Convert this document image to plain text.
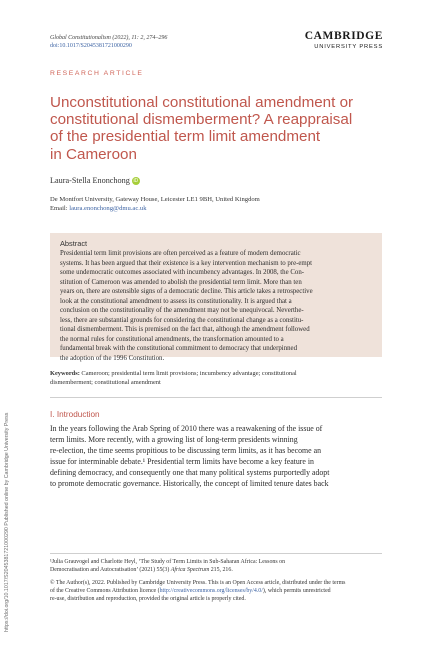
Global Constitutionalism (2022), 11: 2, 274–296
doi:10.1017/S2045381721000290
CAMBRIDGE
UNIVERSITY PRESS
RESEARCH ARTICLE
Unconstitutional constitutional amendment or
constitutional dismemberment? A reappraisal
of the presidential term limit amendment
in Cameroon
Laura-Stella Enonchong iD
De Montfort University, Gateway House, Leicester LE1 9BH, United Kingdom
Email: laura.enonchong@dmu.ac.uk
Abstract
Presidential term limit provisions are often perceived as a feature of modern democratic
systems. It has been argued that their existence is a key intervention mechanism to pre-empt
some undemocratic outcomes associated with incumbency advantages. In 2008, the Con-
stitution of Cameroon was amended to abolish the presidential term limit. More than ten
years on, there are ostensible signs of a democratic decline. This article takes a retrospective
look at the constitutional amendment to assess its constitutionality. It is argued that a
conclusion on the constitutionality of the amendment may not be unequivocal. Neverthe-
less, there are substantial grounds for considering the constitutional change as a constitu-
tional dismemberment. This is premised on the fact that, although the amendment followed
the normal rules for constitutional amendments, the transformation amounted to a
fundamental break with the constitutional commitment to democracy that underpinned
the adoption of the 1996 Constitution.
Keywords: Cameroon; presidential term limit provisions; incumbency advantage; constitutional
dismemberment; constitutional amendment
I. Introduction
In the years following the Arab Spring of 2010 there was a reawakening of the issue of
term limits. More recently, with a growing list of long-term presidents winning
re-election, the time seems propitious to be discussing term limits, as it has become an
issue for interminable debate.¹ Presidential term limits have become a key feature in
defining democracy, and consequently one that many political systems purportedly adopt
to promote democratic governance. Historically, the concept of limited tenure dates back
¹Julia Grauvogel and Charlotte Heyl, ‘The Study of Term Limits in Sub-Saharan Africa: Lessons on
Democratisation and Autocratisation’ (2021) 55(3) Africa Spectrum 215, 216.
© The Author(s), 2022. Published by Cambridge University Press. This is an Open Access article, distributed under the terms
of the Creative Commons Attribution licence (http://creativecommons.org/licenses/by/4.0/), which permits unrestricted
re-use, distribution and reproduction, provided the original article is properly cited.
https://doi.org/10.1017/S2045381721000290 Published online by Cambridge University Press
